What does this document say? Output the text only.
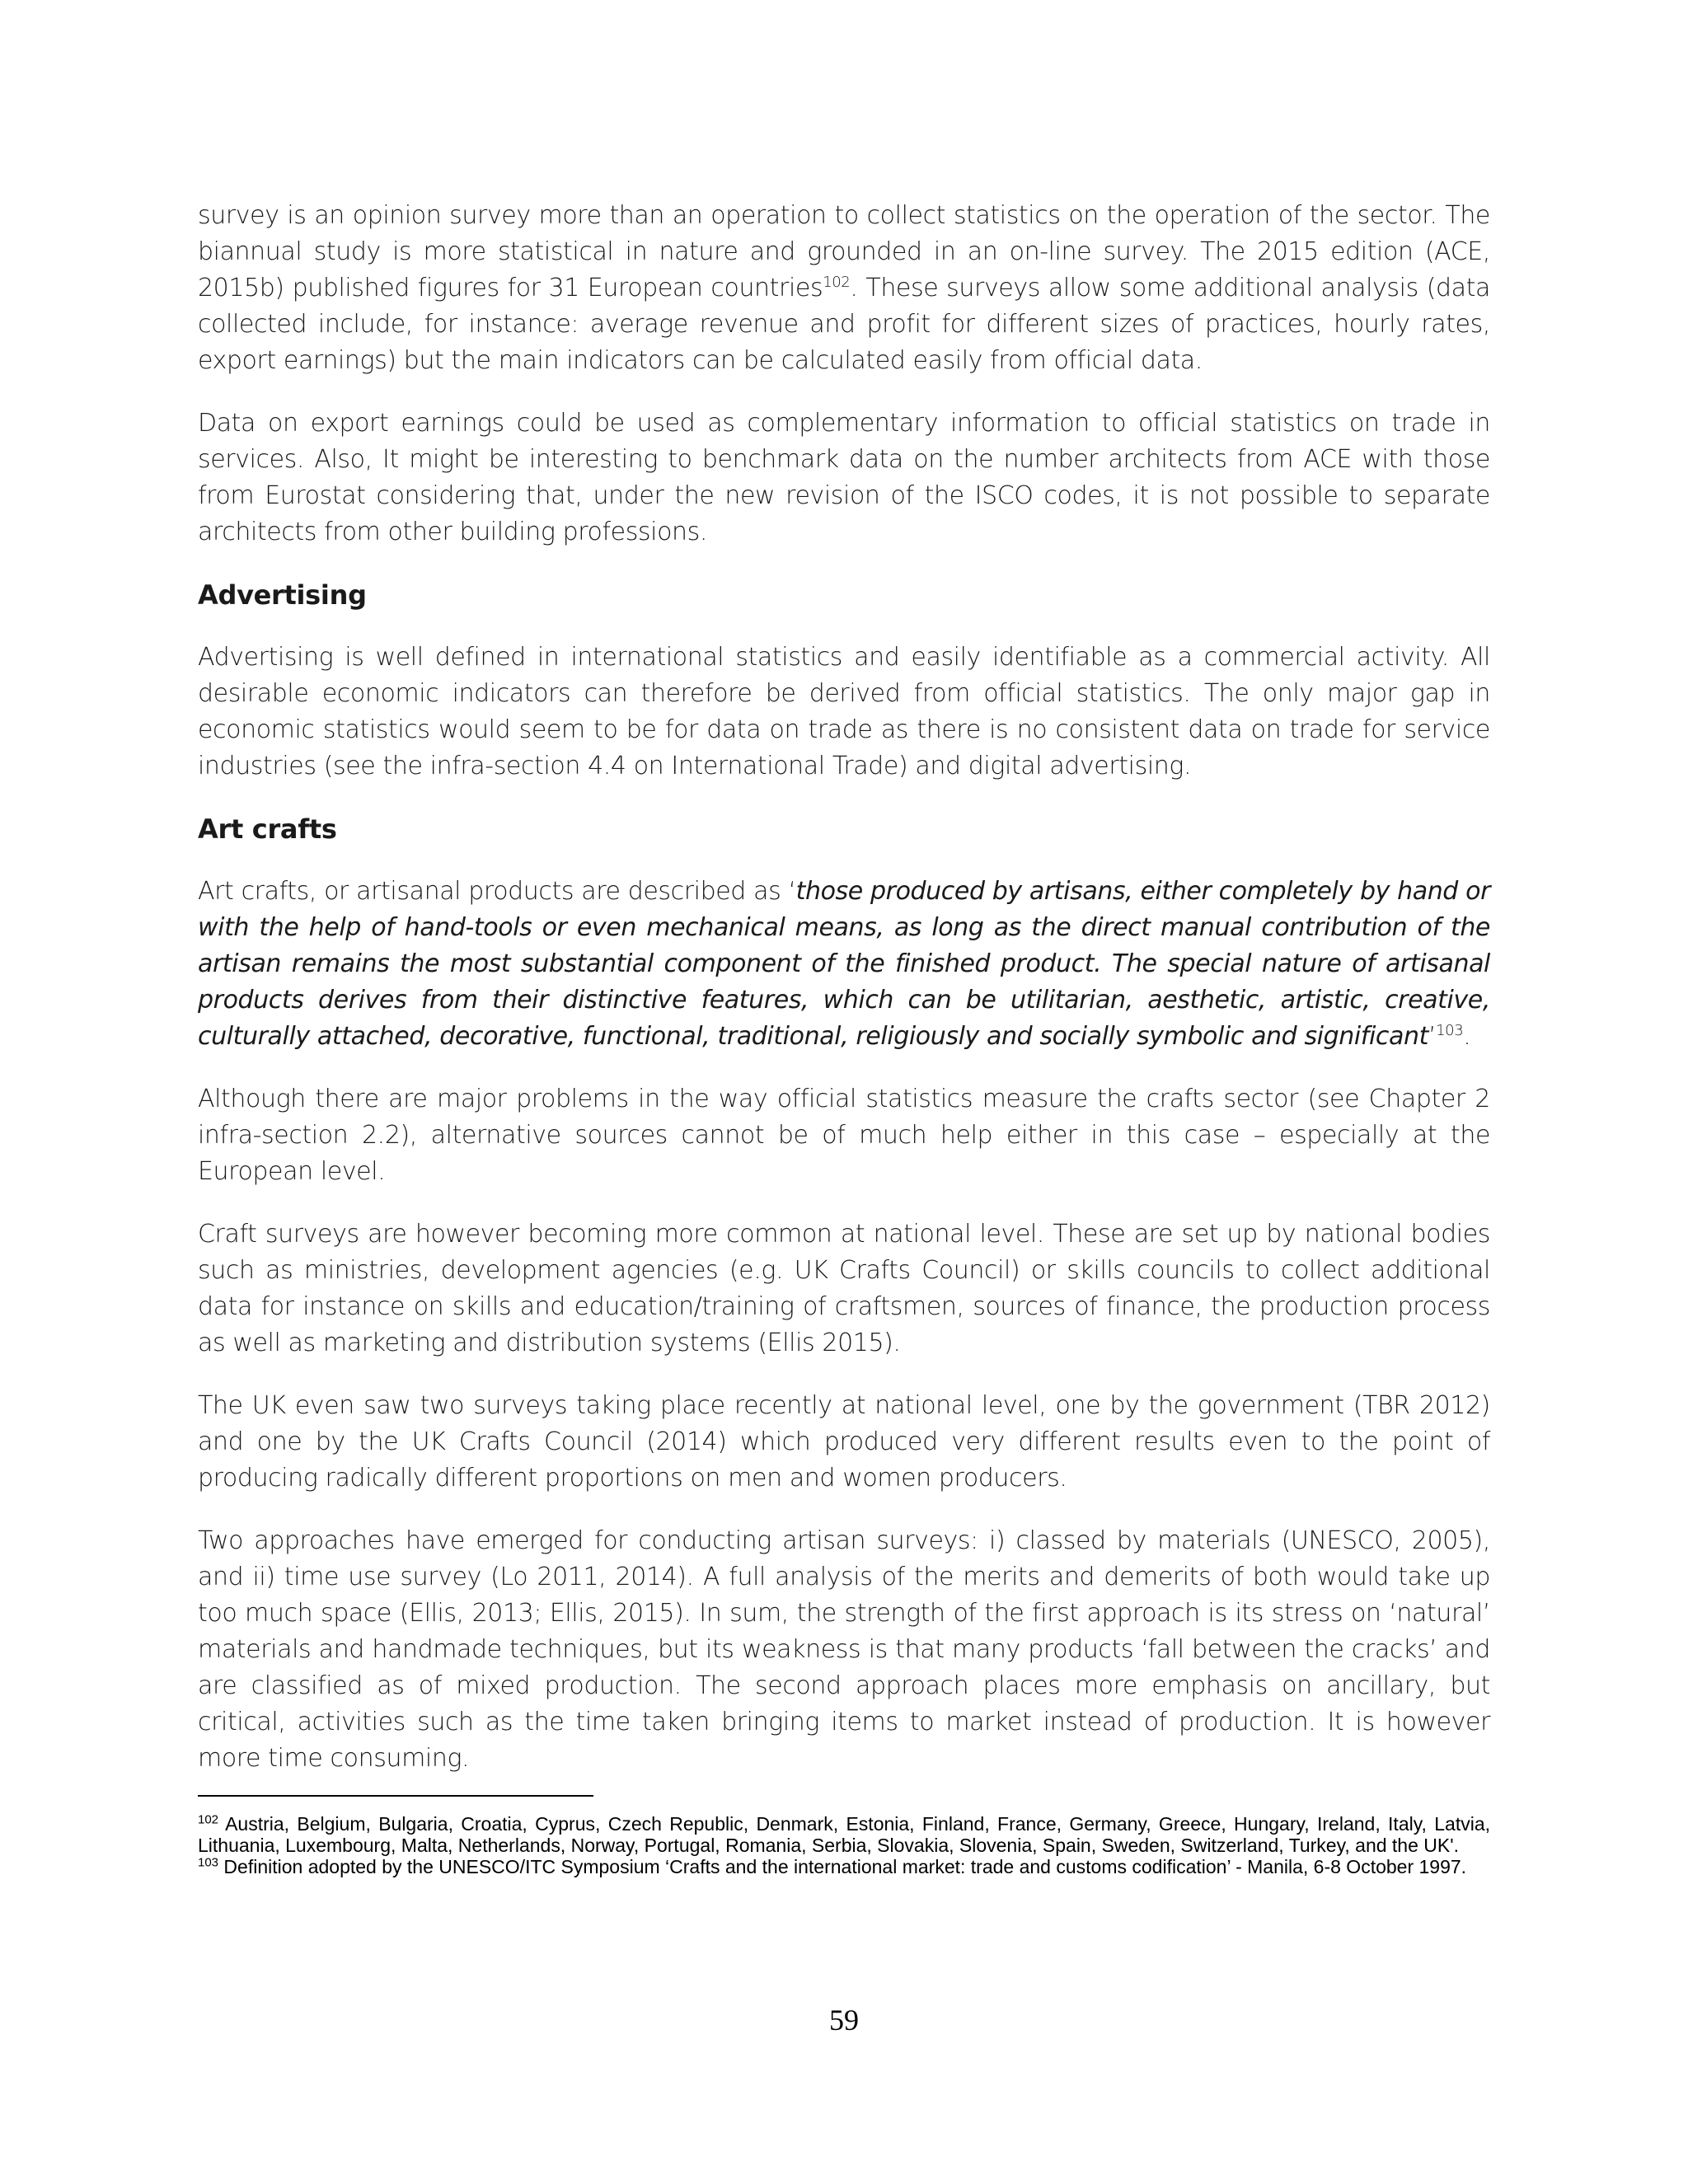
survey is an opinion survey more than an operation to collect statistics on the operation of the sector. The biannual study is more statistical in nature and grounded in an on-line survey. The 2015 edition (ACE, 2015b) published figures for 31 European countries$^{102}$. These surveys allow some additional analysis (data collected include, for instance: average revenue and profit for different sizes of practices, hourly rates, export earnings) but the main indicators can be calculated easily from official data.

Data on export earnings could be used as complementary information to official statistics on trade in services. Also, It might be interesting to benchmark data on the number architects from ACE with those from Eurostat considering that, under the new revision of the ISCO codes, it is not possible to separate architects from other building professions.

Advertising

Advertising is well defined in international statistics and easily identifiable as a commercial activity. All desirable economic indicators can therefore be derived from official statistics. The only major gap in economic statistics would seem to be for data on trade as there is no consistent data on trade for service industries (see the infra-section 4.4 on International Trade) and digital advertising.

Art crafts

Art crafts, or artisanal products are described as ‘those produced by artisans, either completely by hand or with the help of hand-tools or even mechanical means, as long as the direct manual contribution of the artisan remains the most substantial component of the finished product. The special nature of artisanal products derives from their distinctive features, which can be utilitarian, aesthetic, artistic, creative, culturally attached, decorative, functional, traditional, religiously and socially symbolic and significant’$^{103}$.

Although there are major problems in the way official statistics measure the crafts sector (see Chapter 2 infra-section 2.2), alternative sources cannot be of much help either in this case – especially at the European level.

Craft surveys are however becoming more common at national level. These are set up by national bodies such as ministries, development agencies (e.g. UK Crafts Council) or skills councils to collect additional data for instance on skills and education/training of craftsmen, sources of finance, the production process as well as marketing and distribution systems (Ellis 2015).

The UK even saw two surveys taking place recently at national level, one by the government (TBR 2012) and one by the UK Crafts Council (2014) which produced very different results even to the point of producing radically different proportions on men and women producers.

Two approaches have emerged for conducting artisan surveys: i) classed by materials (UNESCO, 2005), and ii) time use survey (Lo 2011, 2014). A full analysis of the merits and demerits of both would take up too much space (Ellis, 2013; Ellis, 2015). In sum, the strength of the first approach is its stress on ‘natural’ materials and handmade techniques, but its weakness is that many products ‘fall between the cracks’ and are classified as of mixed production. The second approach places more emphasis on ancillary, but critical, activities such as the time taken bringing items to market instead of production. It is however more time consuming.

$^{102}$ Austria, Belgium, Bulgaria, Croatia, Cyprus, Czech Republic, Denmark, Estonia, Finland, France, Germany, Greece, Hungary, Ireland, Italy, Latvia, Lithuania, Luxembourg, Malta, Netherlands, Norway, Portugal, Romania, Serbia, Slovakia, Slovenia, Spain, Sweden, Switzerland, Turkey, and the UK'.

$^{103}$ Definition adopted by the UNESCO/ITC Symposium ‘Crafts and the international market: trade and customs codification’ - Manila, 6-8 October 1997.

59
